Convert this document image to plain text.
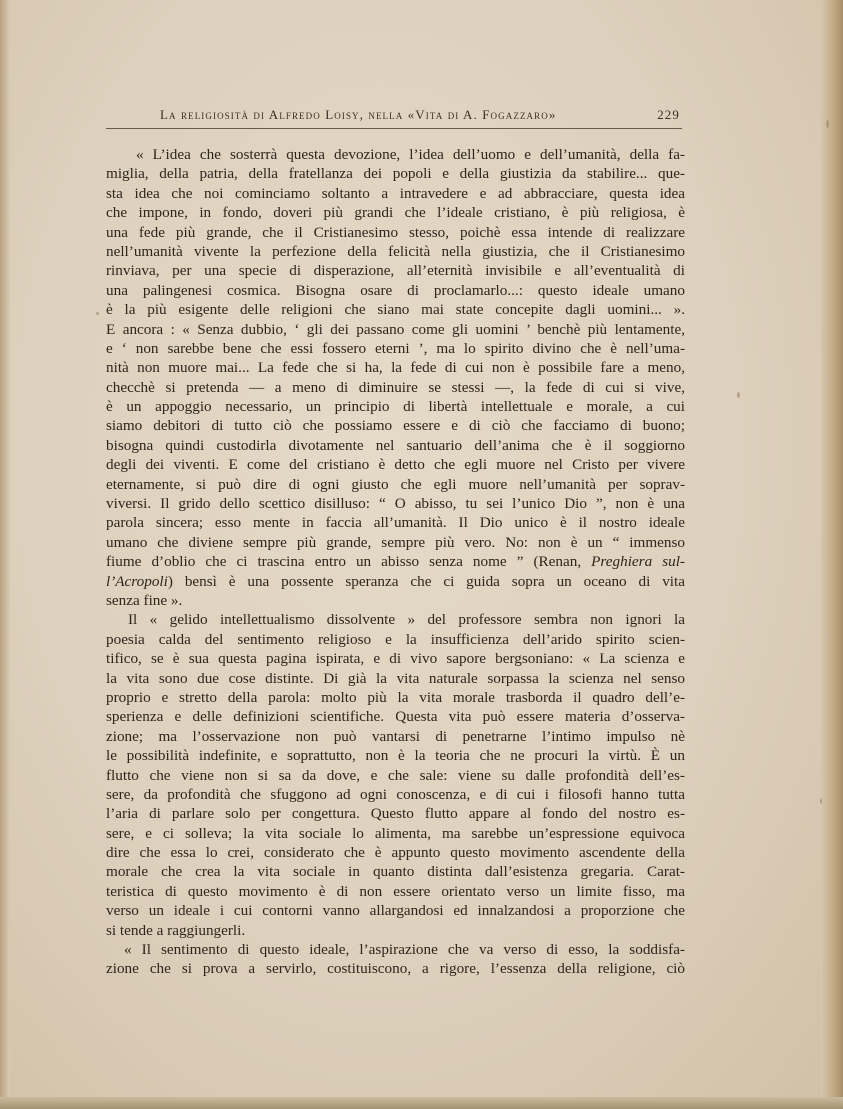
La religiosità di Alfredo Loisy, nella «Vita di A. Fogazzaro»	229
« L’idea che sosterrà questa devozione, l’idea dell’uomo e dell’umanità, della fa-
miglia, della patria, della fratellanza dei popoli e della giustizia da stabilire... que-
sta idea che noi cominciamo soltanto a intravedere e ad abbracciare, questa idea
che impone, in fondo, doveri più grandi che l’ideale cristiano, è più religiosa, è
una fede più grande, che il Cristianesimo stesso, poichè essa intende di realizzare
nell’umanità vivente la perfezione della felicità nella giustizia, che il Cristianesimo
rinviava, per una specie di disperazione, all’eternità invisibile e all’eventualità di
una palingenesi cosmica. Bisogna osare di proclamarlo...: questo ideale umano
è la più esigente delle religioni che siano mai state concepite dagli uomini... ».
E ancora : « Senza dubbio, ‘ gli dei passano come gli uomini ’ benchè più lentamente,
e ‘ non sarebbe bene che essi fossero eterni ’, ma lo spirito divino che è nell’uma-
nità non muore mai... La fede che si ha, la fede di cui non è possibile fare a meno,
checchè si pretenda — a meno di diminuire se stessi —, la fede di cui si vive,
è un appoggio necessario, un principio di libertà intellettuale e morale, a cui
siamo debitori di tutto ciò che possiamo essere e di ciò che facciamo di buono;
bisogna quindi custodirla divotamente nel santuario dell’anima che è il soggiorno
degli dei viventi. E come del cristiano è detto che egli muore nel Cristo per vivere
eternamente, si può dire di ogni giusto che egli muore nell’umanità per soprav-
viversi. Il grido dello scettico disilluso: “ O abisso, tu sei l’unico Dio ”, non è una
parola sincera; esso mente in faccia all’umanità. Il Dio unico è il nostro ideale
umano che diviene sempre più grande, sempre più vero. No: non è un “ immenso
fiume d’oblio che ci trascina entro un abisso senza nome ” (Renan, Preghiera sul-
l’Acropoli) bensì è una possente speranza che ci guida sopra un oceano di vita
senza fine ».
Il « gelido intellettualismo dissolvente » del professore sembra non ignori la
poesia calda del sentimento religioso e la insufficienza dell’arido spirito scien-
tifico, se è sua questa pagina ispirata, e di vivo sapore bergsoniano: « La scienza e
la vita sono due cose distinte. Di già la vita naturale sorpassa la scienza nel senso
proprio e stretto della parola: molto più la vita morale trasborda il quadro dell’e-
sperienza e delle definizioni scientifiche. Questa vita può essere materia d’osserva-
zione; ma l’osservazione non può vantarsi di penetrarne l’intimo impulso nè
le possibilità indefinite, e soprattutto, non è la teoria che ne procuri la virtù. È un
flutto che viene non si sa da dove, e che sale: viene su dalle profondità dell’es-
sere, da profondità che sfuggono ad ogni conoscenza, e di cui i filosofi hanno tutta
l’aria di parlare solo per congettura. Questo flutto appare al fondo del nostro es-
sere, e ci solleva; la vita sociale lo alimenta, ma sarebbe un’espressione equivoca
dire che essa lo crei, considerato che è appunto questo movimento ascendente della
morale che crea la vita sociale in quanto distinta dall’esistenza gregaria. Carat-
teristica di questo movimento è di non essere orientato verso un limite fisso, ma
verso un ideale i cui contorni vanno allargandosi ed innalzandosi a proporzione che
si tende a raggiungerli.
« Il sentimento di questo ideale, l’aspirazione che va verso di esso, la soddisfa-
zione che si prova a servirlo, costituiscono, a rigore, l’essenza della religione, ciò
